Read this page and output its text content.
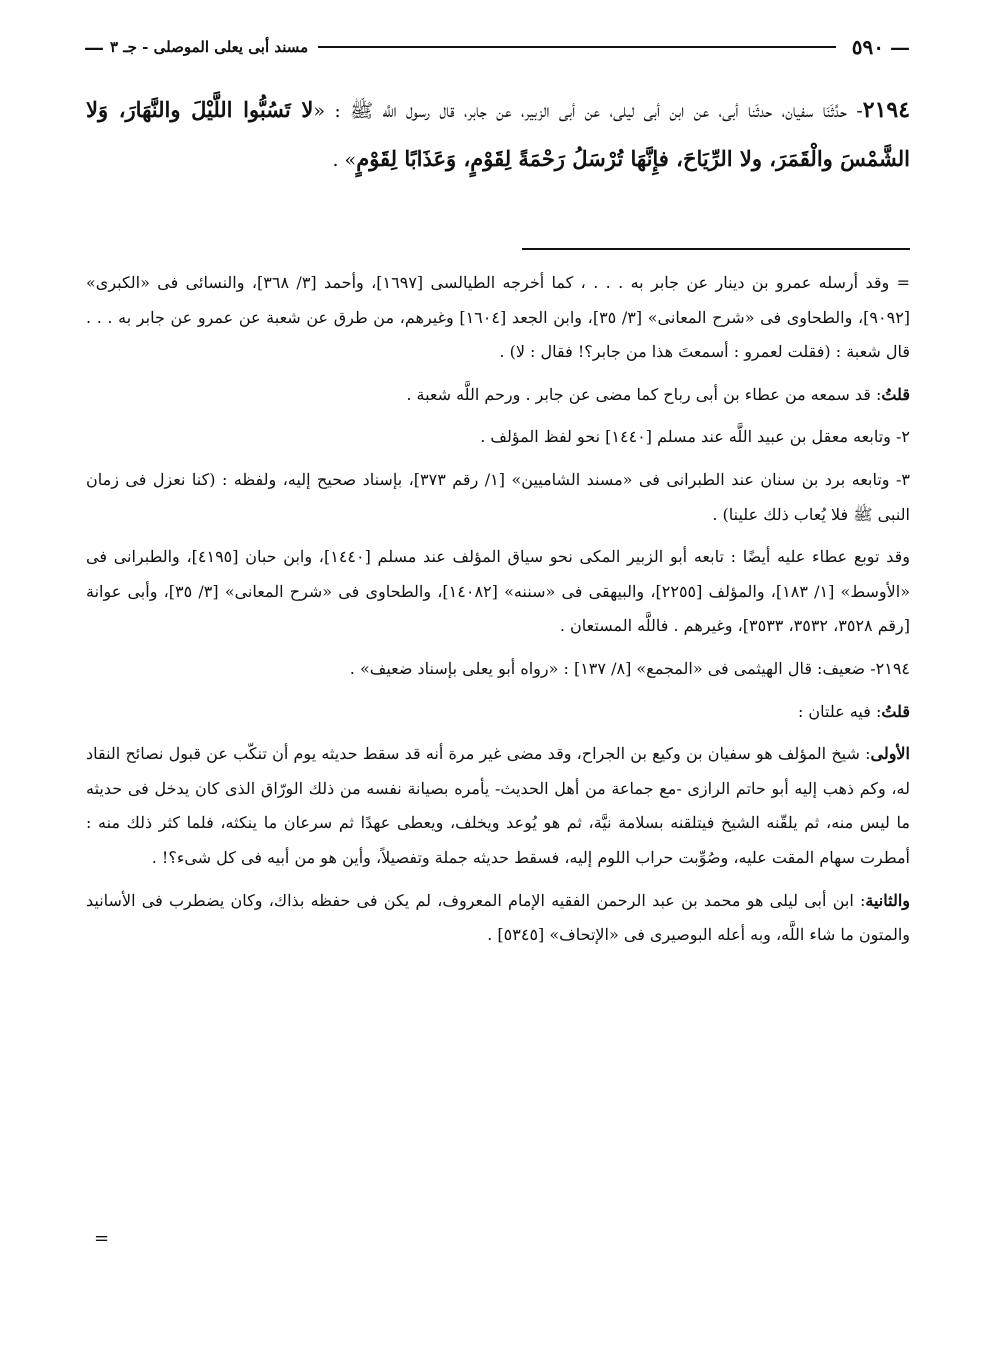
—
٥٩٠
مسند أبى يعلى الموصلى - جـ ٣
—

٢١٩٤- حدَّثَنَا سفيان، حدثَنا أبى، عن ابن أبى ليلى، عن أبى الزبير، عن جابر، قال رسول اللَّه ﷺ : «لا تَسُبُّوا اللَّيْلَ والنَّهَارَ، وَلا الشَّمْسَ والْقَمَرَ، ولا الرِّيَاحَ، فإِنَّهَا تُرْسَلُ رَحْمَةً لِقَوْمٍ، وَعَذَابًا لِقَوْمٍ» .

= وقد أرسله عمرو بن دينار عن جابر به . . . ، كما أخرجه الطيالسى [١٦٩٧]، وأحمد [٣/ ٣٦٨]، والنسائى فى «الكبرى» [٩٠٩٢]، والطحاوى فى «شرح المعانى» [٣/ ٣٥]، وابن الجعد [١٦٠٤] وغيرهم، من طرق عن شعبة عن عمرو عن جابر به . . . قال شعبة : (فقلت لعمرو : أسمعتَ هذا من جابر؟! فقال : لا) .

قلتُ: قد سمعه من عطاء بن أبى رباح كما مضى عن جابر . ورحم اللَّه شعبة .

٢- وتابعه معقل بن عبيد اللَّه عند مسلم [١٤٤٠] نحو لفظ المؤلف .

٣- وتابعه برد بن سنان عند الطبرانى فى «مسند الشاميين» [١/ رقم ٣٧٣]، بإسناد صحيح إليه، ولفظه : (كنا نعزل فى زمان النبى ﷺ فلا يُعاب ذلك علينا) .

وقد توبع عطاء عليه أيضًا : تابعه أبو الزبير المكى نحو سياق المؤلف عند مسلم [١٤٤٠]، وابن حبان [٤١٩٥]، والطبرانى فى «الأوسط» [١/ ١٨٣]، والمؤلف [٢٢٥٥]، والبيهقى فى «سننه» [١٤٠٨٢]، والطحاوى فى «شرح المعانى» [٣/ ٣٥]، وأبى عوانة [رقم ٣٥٢٨، ٣٥٣٢، ٣٥٣٣]، وغيرهم . فاللَّه المستعان .

٢١٩٤- ضعيف: قال الهيثمى فى «المجمع» [٨/ ١٣٧] : «رواه أبو يعلى بإسناد ضعيف» .

قلتُ: فيه علتان :

الأولى: شيخ المؤلف هو سفيان بن وكيع بن الجراح، وقد مضى غير مرة أنه قد سقط حديثه يوم أن تنكّب عن قبول نصائح النقاد له، وكم ذهب إليه أبو حاتم الرازى -مع جماعة من أهل الحديث- يأمره بصيانة نفسه من ذلك الورّاق الذى كان يدخل فى حديثه ما ليس منه، ثم يلقّنه الشيخ فيتلقنه بسلامة نيَّة، ثم هو يُوعد ويخلف، ويعطى عهدًا ثم سرعان ما ينكثه، فلما كثر ذلك منه : أمطرت سهام المقت عليه، وصُوِّبت حراب اللوم إليه، فسقط حديثه جملة وتفصيلاً، وأين هو من أبيه فى كل شىء؟! .

والثانية: ابن أبى ليلى هو محمد بن عبد الرحمن الفقيه الإمام المعروف، لم يكن فى حفظه بذاك، وكان يضطرب فى الأسانيد والمتون ما شاء اللَّه، وبه أعله البوصيرى فى «الإتحاف» [٥٣٤٥] .

=
